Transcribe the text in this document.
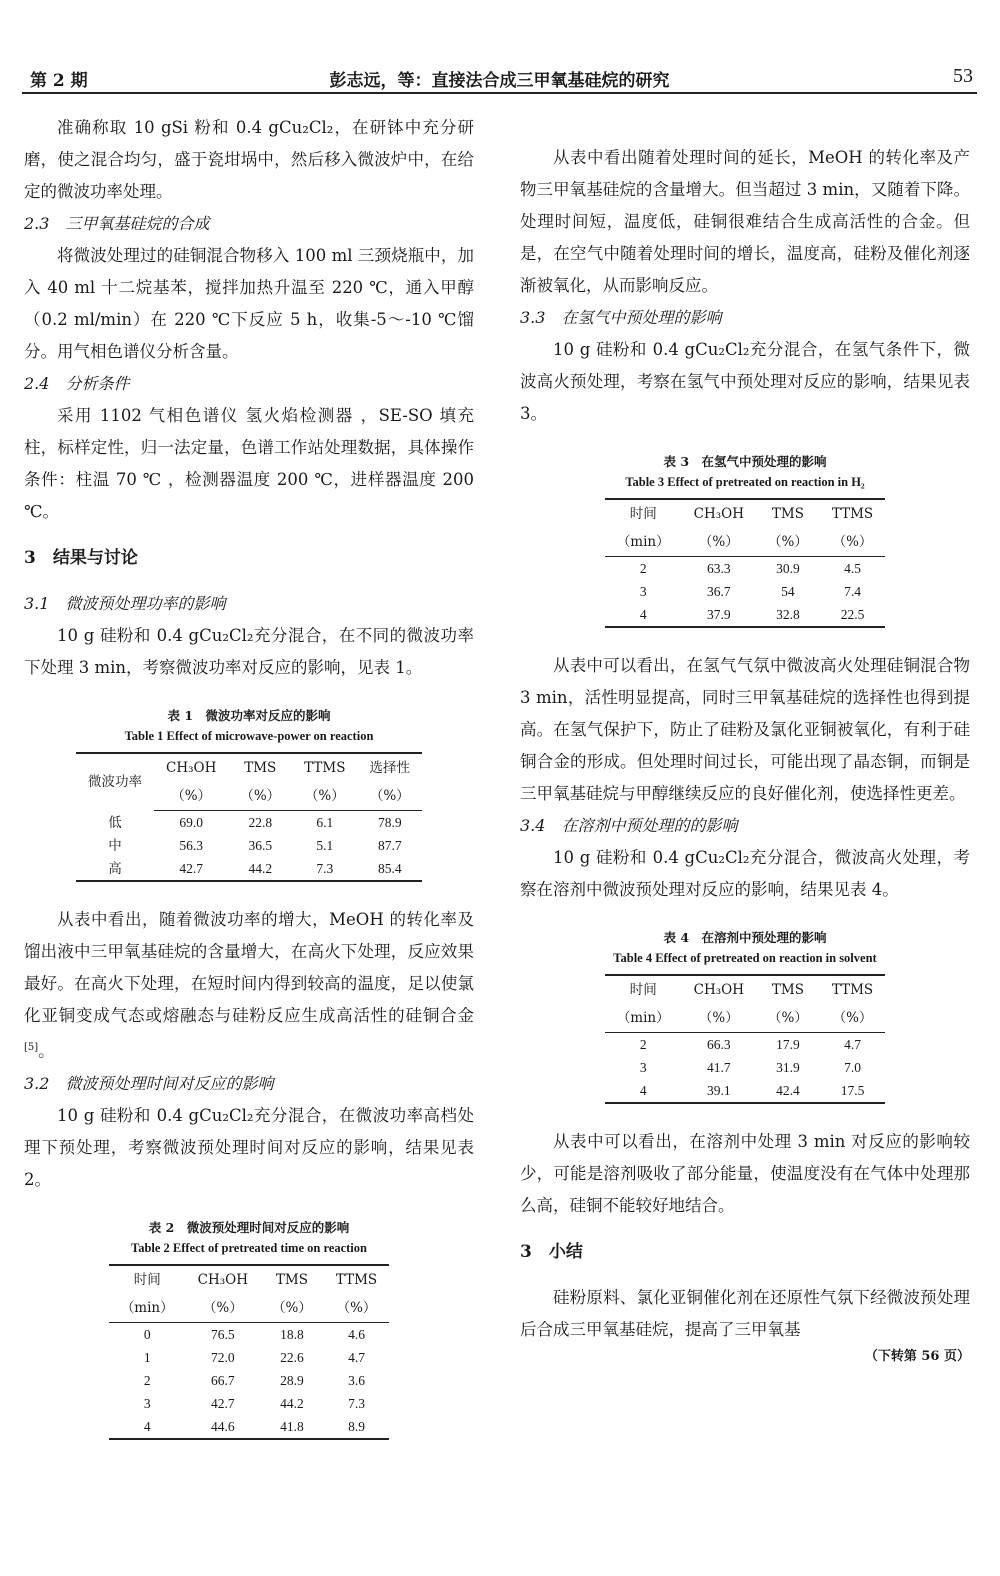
第 2 期	彭志远，等：直接法合成三甲氧基硅烷的研究	53

准确称取 10 gSi 粉和 0.4 gCu₂Cl₂，在研钵中充分研磨，使之混合均匀，盛于瓷坩埚中，然后移入微波炉中，在给定的微波功率处理。

2.3　三甲氧基硅烷的合成

将微波处理过的硅铜混合物移入 100 ml 三颈烧瓶中，加入 40 ml 十二烷基苯，搅拌加热升温至 220 ℃，通入甲醇（0.2 ml/min）在 220 ℃下反应 5 h，收集-5～-10 ℃馏分。用气相色谱仪分析含量。

2.4　分析条件

采用 1102 气相色谱仪 氢火焰检测器 ，SE-SO 填充柱，标样定性，归一法定量，色谱工作站处理数据，具体操作条件：柱温 70 ℃ ，检测器温度 200 ℃，进样器温度 200 ℃。

3　结果与讨论

3.1　微波预处理功率的影响

10 g 硅粉和 0.4 gCu₂Cl₂充分混合，在不同的微波功率下处理 3 min，考察微波功率对反应的影响，见表 1。

表 1　微波功率对反应的影响

Table 1 Effect of microwave-power on reaction

微波功率	CH₃OH	TMS	TTMS	选择性
	（%）	（%）	（%）	（%）
低	69.0	22.8	6.1	78.9
中	56.3	36.5	5.1	87.7
高	42.7	44.2	7.3	85.4

从表中看出，随着微波功率的增大，MeOH 的转化率及馏出液中三甲氧基硅烷的含量增大，在高火下处理，反应效果最好。在高火下处理，在短时间内得到较高的温度，足以使氯化亚铜变成气态或熔融态与硅粉反应生成高活性的硅铜合金[5]。

3.2　微波预处理时间对反应的影响

10 g 硅粉和 0.4 gCu₂Cl₂充分混合，在微波功率高档处理下预处理，考察微波预处理时间对反应的影响，结果见表 2。

表 2　微波预处理时间对反应的影响

Table 2 Effect of pretreated time on reaction

时间	CH₃OH	TMS	TTMS
（min）	（%）	（%）	（%）
0	76.5	18.8	4.6
1	72.0	22.6	4.7
2	66.7	28.9	3.6
3	42.7	44.2	7.3
4	44.6	41.8	8.9

从表中看出随着处理时间的延长，MeOH 的转化率及产物三甲氧基硅烷的含量增大。但当超过 3 min，又随着下降。处理时间短，温度低，硅铜很难结合生成高活性的合金。但是，在空气中随着处理时间的增长，温度高，硅粉及催化剂逐渐被氧化，从而影响反应。

3.3　在氢气中预处理的影响

10 g 硅粉和 0.4 gCu₂Cl₂充分混合，在氢气条件下，微波高火预处理，考察在氢气中预处理对反应的影响，结果见表 3。

表 3　在氢气中预处理的影响

Table 3 Effect of pretreated on reaction in H₂

时间	CH₃OH	TMS	TTMS
（min）	（%）	（%）	（%）
2	63.3	30.9	4.5
3	36.7	54	7.4
4	37.9	32.8	22.5

从表中可以看出，在氢气气氛中微波高火处理硅铜混合物 3 min，活性明显提高，同时三甲氧基硅烷的选择性也得到提高。在氢气保护下，防止了硅粉及氯化亚铜被氧化，有利于硅铜合金的形成。但处理时间过长，可能出现了晶态铜，而铜是三甲氧基硅烷与甲醇继续反应的良好催化剂，使选择性更差。

3.4　在溶剂中预处理的的影响

10 g 硅粉和 0.4 gCu₂Cl₂充分混合，微波高火处理，考察在溶剂中微波预处理对反应的影响，结果见表 4。

表 4　在溶剂中预处理的影响

Table 4 Effect of pretreated on reaction in solvent

时间	CH₃OH	TMS	TTMS
（min）	（%）	（%）	（%）
2	66.3	17.9	4.7
3	41.7	31.9	7.0
4	39.1	42.4	17.5

从表中可以看出，在溶剂中处理 3 min 对反应的影响较少，可能是溶剂吸收了部分能量，使温度没有在气体中处理那么高，硅铜不能较好地结合。

3　小结

硅粉原料、氯化亚铜催化剂在还原性气氛下经微波预处理后合成三甲氧基硅烷，提高了三甲氧基

（下转第 56 页）
